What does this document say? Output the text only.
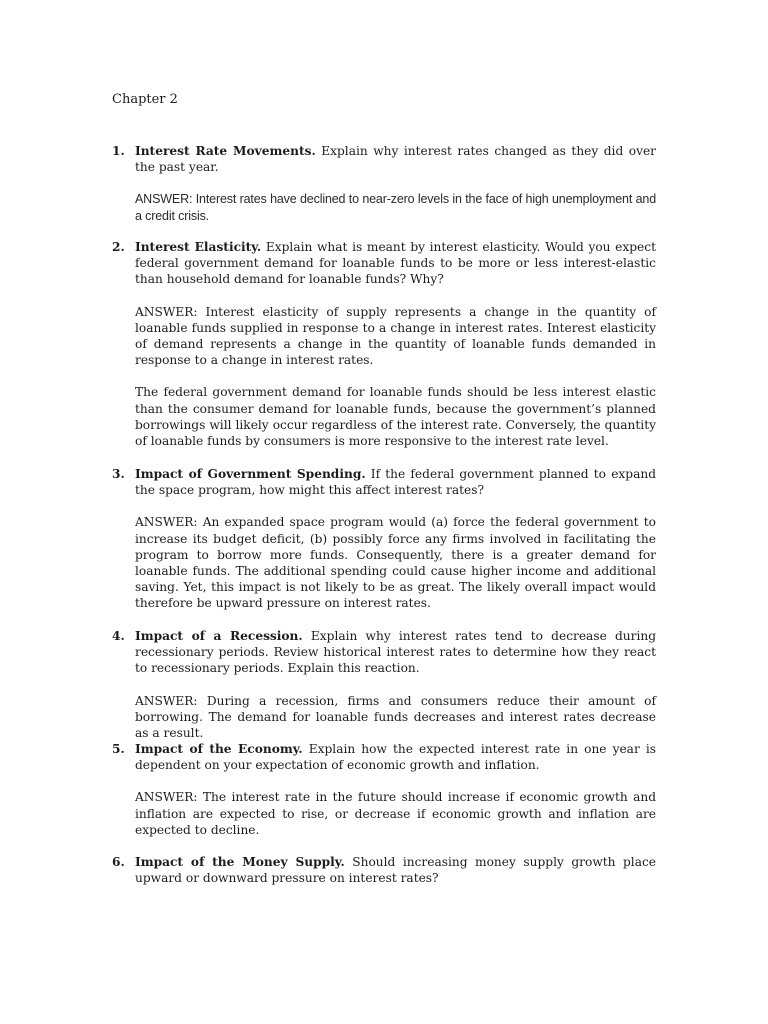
Chapter 2
1. Interest Rate Movements. Explain why interest rates changed as they did over the past year.

ANSWER: Interest rates have declined to near-zero levels in the face of high unemployment and a credit crisis.

2. Interest Elasticity. Explain what is meant by interest elasticity. Would you expect federal government demand for loanable funds to be more or less interest-elastic than household demand for loanable funds? Why?

ANSWER: Interest elasticity of supply represents a change in the quantity of loanable funds supplied in response to a change in interest rates. Interest elasticity of demand represents a change in the quantity of loanable funds demanded in response to a change in interest rates.

The federal government demand for loanable funds should be less interest elastic than the consumer demand for loanable funds, because the government’s planned borrowings will likely occur regardless of the interest rate. Conversely, the quantity of loanable funds by consumers is more responsive to the interest rate level.

3. Impact of Government Spending. If the federal government planned to expand the space program, how might this affect interest rates?

ANSWER: An expanded space program would (a) force the federal government to increase its budget deficit, (b) possibly force any firms involved in facilitating the program to borrow more funds. Consequently, there is a greater demand for loanable funds. The additional spending could cause higher income and additional saving. Yet, this impact is not likely to be as great. The likely overall impact would therefore be upward pressure on interest rates.

4. Impact of a Recession. Explain why interest rates tend to decrease during recessionary periods. Review historical interest rates to determine how they react to recessionary periods. Explain this reaction.

ANSWER: During a recession, firms and consumers reduce their amount of borrowing. The demand for loanable funds decreases and interest rates decrease as a result.

5. Impact of the Economy. Explain how the expected interest rate in one year is dependent on your expectation of economic growth and inflation.

ANSWER: The interest rate in the future should increase if economic growth and inflation are expected to rise, or decrease if economic growth and inflation are expected to decline.

6. Impact of the Money Supply. Should increasing money supply growth place upward or downward pressure on interest rates?
